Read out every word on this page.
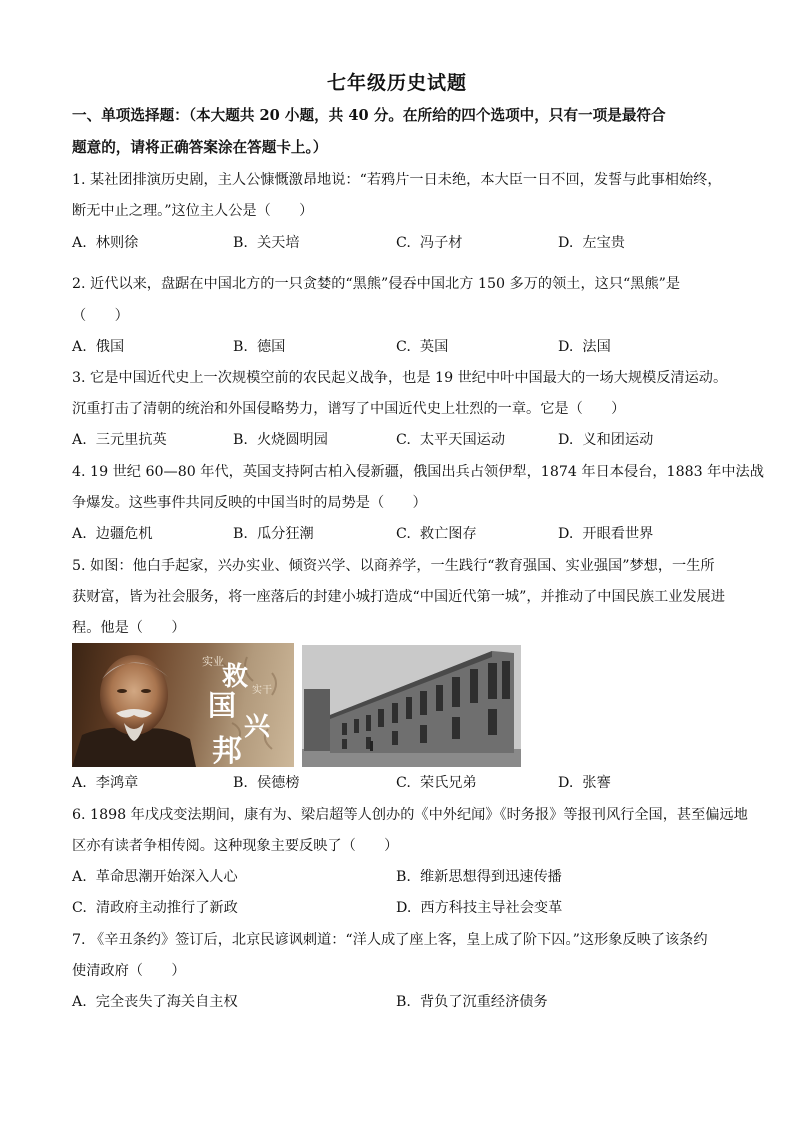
七年级历史试题
一、单项选择题：（本大题共 20 小题，共 40 分。在所给的四个选项中，只有一项是最符合
题意的，请将正确答案涂在答题卡上。）
1. 某社团排演历史剧，主人公慷慨激昂地说：“若鸦片一日未绝，本大臣一日不回，发誓与此事相始终，
断无中止之理。”这位主人公是（　　）
A. 林则徐	B. 关天培	C. 冯子材	D. 左宝贵
2. 近代以来，盘踞在中国北方的一只贪婪的“黑熊”侵吞中国北方 150 多万的领土，这只“黑熊”是
（　　）
A. 俄国	B. 德国	C. 英国	D. 法国
3. 它是中国近代史上一次规模空前的农民起义战争，也是 19 世纪中叶中国最大的一场大规模反清运动。
沉重打击了清朝的统治和外国侵略势力，谱写了中国近代史上壮烈的一章。它是（　　）
A. 三元里抗英	B. 火烧圆明园	C. 太平天国运动	D. 义和团运动
4. 19 世纪 60—80 年代，英国支持阿古柏入侵新疆，俄国出兵占领伊犁，1874 年日本侵台，1883 年中法战
争爆发。这些事件共同反映的中国当时的局势是（　　）
A. 边疆危机	B. 瓜分狂潮	C. 救亡图存	D. 开眼看世界
5. 如图：他白手起家，兴办实业、倾资兴学、以商养学，一生践行“教育强国、实业强国”梦想，一生所
获财富，皆为社会服务，将一座落后的封建小城打造成“中国近代第一城”，并推动了中国民族工业发展进
程。他是（　　）
实业
救 实干
国
兴
邦
A. 李鸿章	B. 侯德榜	C. 荣氏兄弟	D. 张謇
6. 1898 年戊戌变法期间，康有为、梁启超等人创办的《中外纪闻》《时务报》等报刊风行全国，甚至偏远地
区亦有读者争相传阅。这种现象主要反映了（　　）
A. 革命思潮开始深入人心	B. 维新思想得到迅速传播
C. 清政府主动推行了新政	D. 西方科技主导社会变革
7. 《辛丑条约》签订后，北京民谚讽刺道：“洋人成了座上客，皇上成了阶下囚。”这形象反映了该条约
使清政府（　　）
A. 完全丧失了海关自主权	B. 背负了沉重经济债务
